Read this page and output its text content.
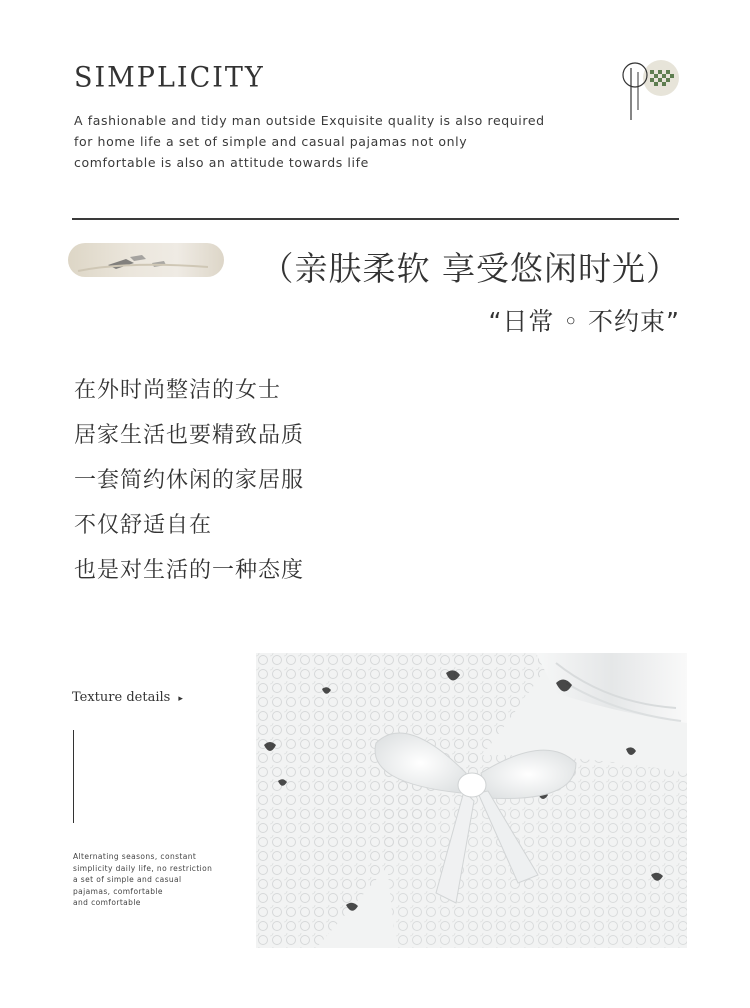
SIMPLICITY
A fashionable and tidy man outside Exquisite quality is also required
for home life a set of simple and casual pajamas not only
comfortable is also an attitude towards life
（亲肤柔软 享受悠闲时光）
“日常 ◦ 不约束”
在外时尚整洁的女士
居家生活也要精致品质
一套简约休闲的家居服
不仅舒适自在
也是对生活的一种态度
Texture details ▸
Alternating seasons, constant
simplicity daily life, no restriction
a set of simple and casual
pajamas, comfortable
and comfortable
